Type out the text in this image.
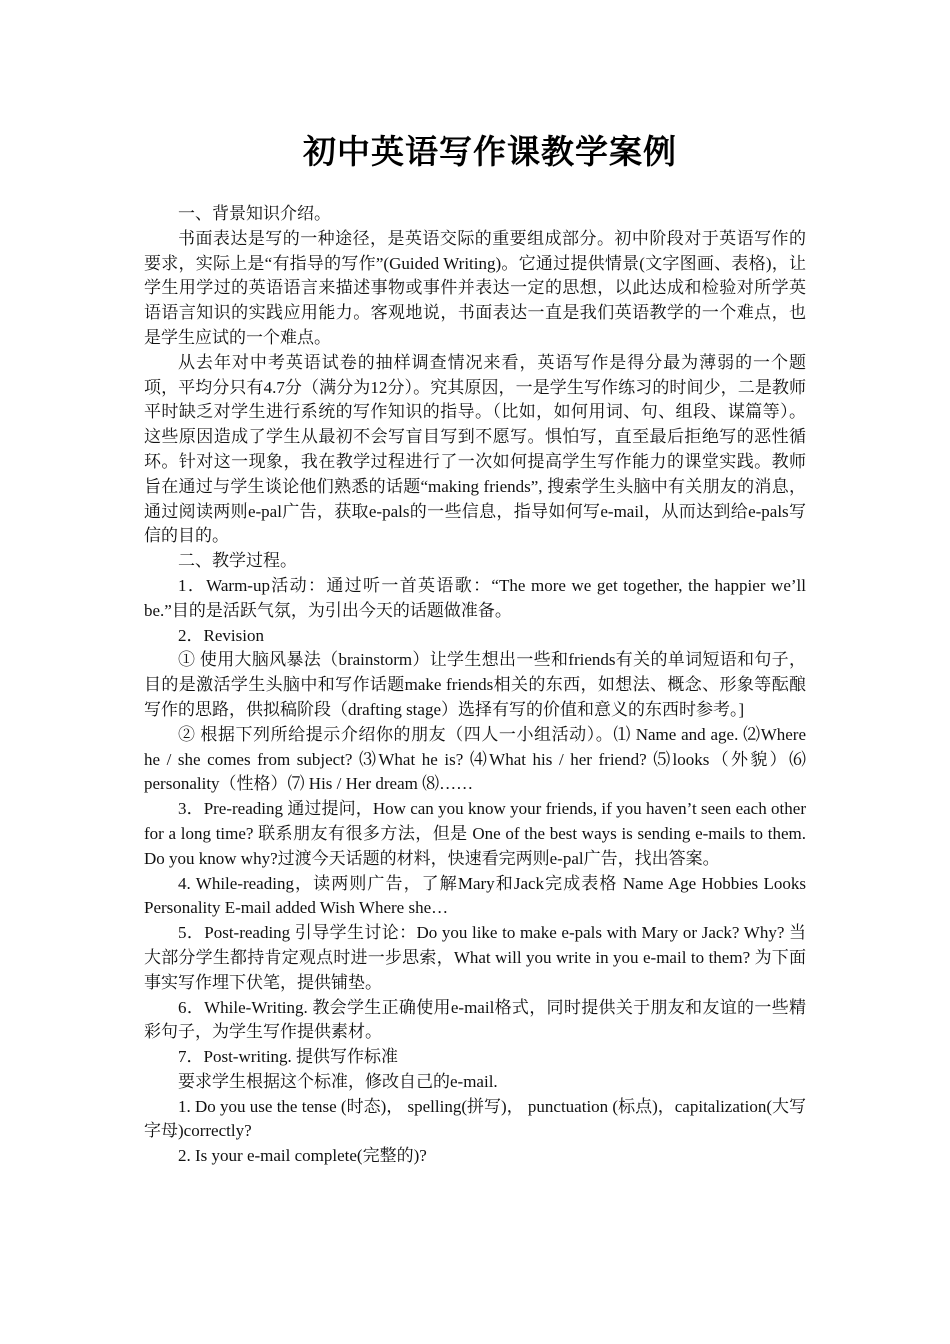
初中英语写作课教学案例

一、背景知识介绍。

书面表达是写的一种途径，是英语交际的重要组成部分。初中阶段对于英语写作的要求，实际上是“有指导的写作”(Guided Writing)。它通过提供情景(文字图画、表格)，让学生用学过的英语语言来描述事物或事件并表达一定的思想，以此达成和检验对所学英语语言知识的实践应用能力。客观地说，书面表达一直是我们英语教学的一个难点，也是学生应试的一个难点。

从去年对中考英语试卷的抽样调查情况来看，英语写作是得分最为薄弱的一个题项，平均分只有4.7分（满分为12分）。究其原因，一是学生写作练习的时间少，二是教师平时缺乏对学生进行系统的写作知识的指导。（比如，如何用词、句、组段、谋篇等）。这些原因造成了学生从最初不会写盲目写到不愿写。惧怕写，直至最后拒绝写的恶性循环。针对这一现象，我在教学过程进行了一次如何提高学生写作能力的课堂实践。教师旨在通过与学生谈论他们熟悉的话题“making friends”, 搜索学生头脑中有关朋友的消息，通过阅读两则e-pal广告，获取e-pals的一些信息，指导如何写e-mail，从而达到给e-pals写信的目的。

二、教学过程。

1．Warm-up活动：通过听一首英语歌：“The more we get together, the happier we’ll be.”目的是活跃气氛，为引出今天的话题做准备。

2．Revision

① 使用大脑风暴法（brainstorm）让学生想出一些和friends有关的单词短语和句子，目的是激活学生头脑中和写作话题make friends相关的东西，如想法、概念、形象等酝酿写作的思路，供拟稿阶段（drafting stage）选择有写的价值和意义的东西时参考。]

② 根据下列所给提示介绍你的朋友（四人一小组活动）。⑴ Name and age. ⑵Where he / she comes from subject? ⑶What he is? ⑷What his / her friend? ⑸looks（外貌）⑹ personality（性格）⑺ His / Her dream ⑻……

3．Pre-reading 通过提问，How can you know your friends, if you haven’t seen each other for a long time? 联系朋友有很多方法，但是 One of the best ways is sending e-mails to them. Do you know why?过渡今天话题的材料，快速看完两则e-pal广告，找出答案。

4. While-reading，读两则广告，了解Mary和Jack完成表格 Name Age Hobbies Looks Personality E-mail added Wish Where she…

5．Post-reading 引导学生讨论：Do you like to make e-pals with Mary or Jack? Why? 当大部分学生都持肯定观点时进一步思索，What will you write in you e-mail to them? 为下面事实写作埋下伏笔，提供铺垫。

6．While-Writing. 教会学生正确使用e-mail格式，同时提供关于朋友和友谊的一些精彩句子，为学生写作提供素材。

7．Post-writing. 提供写作标准

要求学生根据这个标准，修改自己的e-mail.

1. Do you use the tense (时态)， spelling(拼写)， punctuation (标点)，capitalization(大写字母)correctly?

2. Is your e-mail complete(完整的)?
